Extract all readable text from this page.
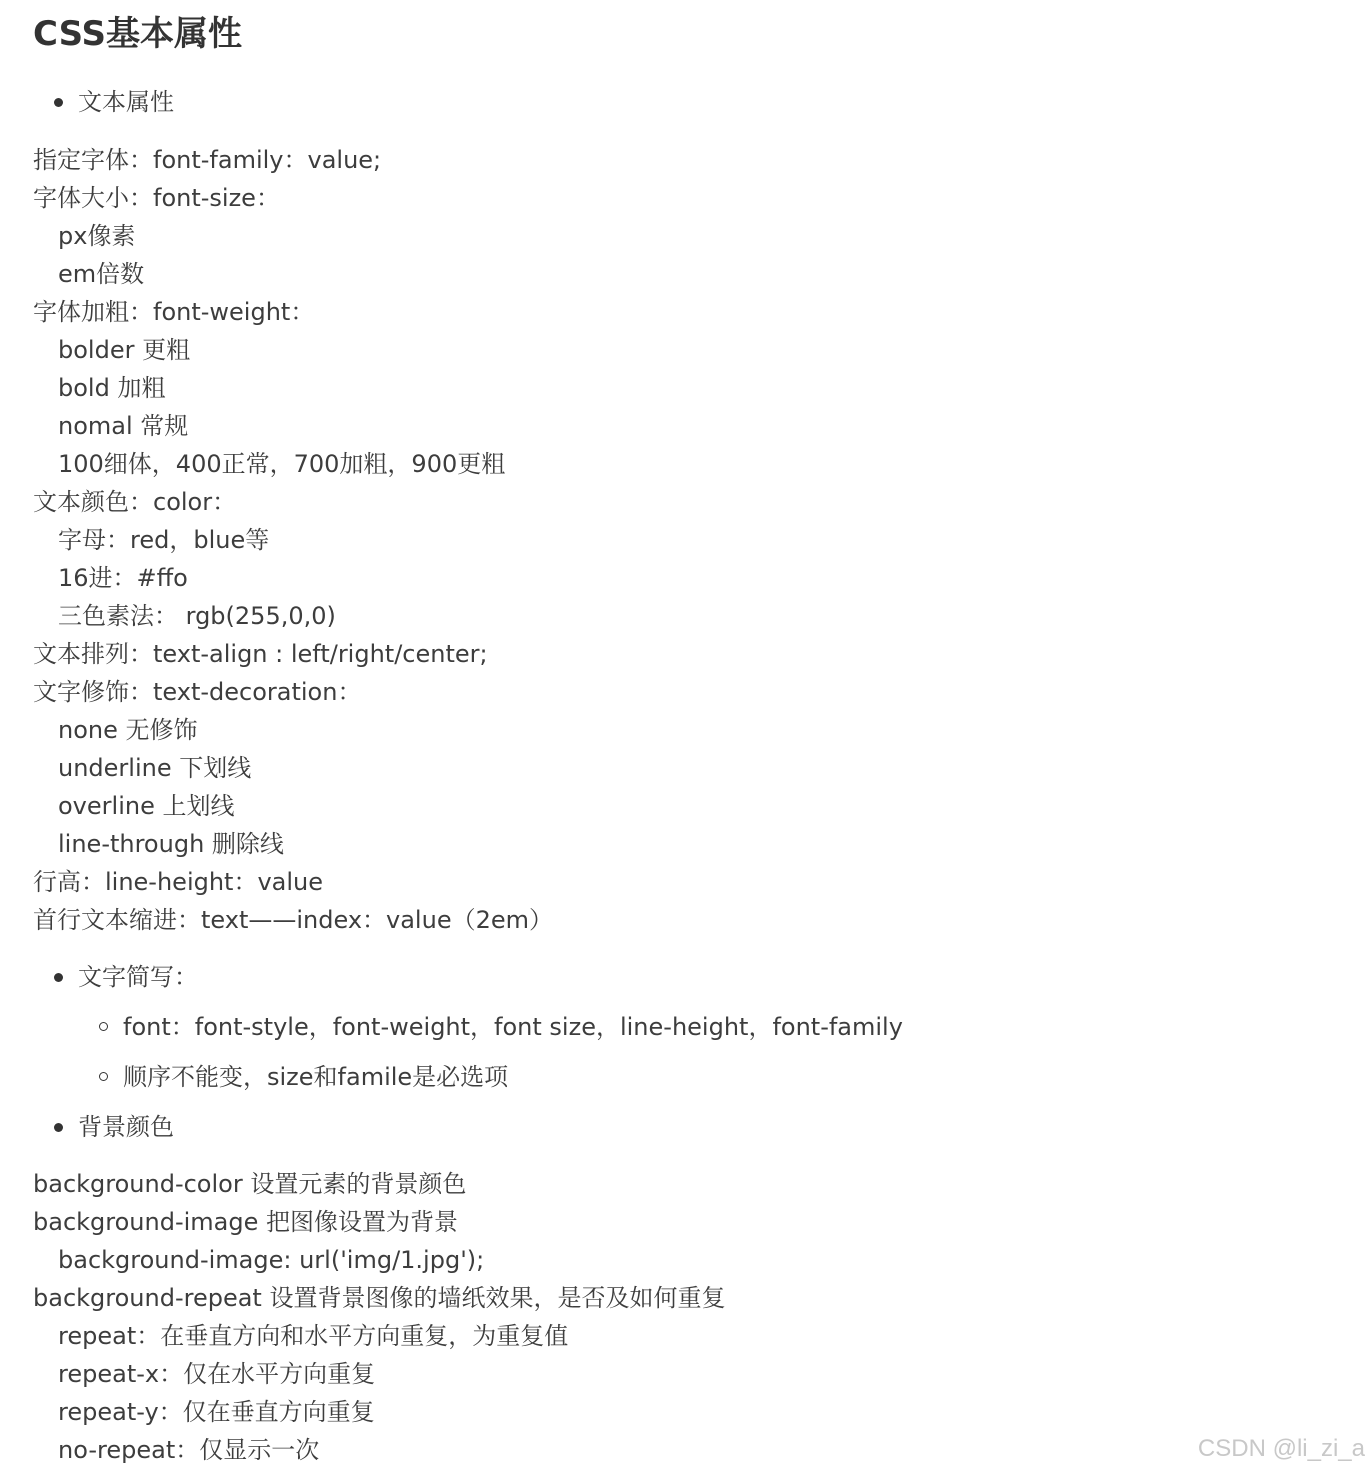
CSS基本属性
文本属性
指定字体：font-family：value;
字体大小：font-size：
px像素
em倍数
字体加粗：font-weight：
bolder 更粗
bold 加粗
nomal 常规
100细体，400正常，700加粗，900更粗
文本颜色：color：
字母：red，blue等
16进：#ffo
三色素法： rgb(255,0,0)
文本排列：text-align : left/right/center;
文字修饰：text-decoration：
none 无修饰
underline 下划线
overline 上划线
line-through 删除线
行高：line-height：value
首行文本缩进：text——index：value（2em）
文字简写：
font：font-style，font-weight，font size，line-height，font-family
顺序不能变，size和famile是必选项
背景颜色
background-color 设置元素的背景颜色
background-image 把图像设置为背景
background-image: url('img/1.jpg');
background-repeat 设置背景图像的墙纸效果，是否及如何重复
repeat：在垂直方向和水平方向重复，为重复值
repeat-x：仅在水平方向重复
repeat-y：仅在垂直方向重复
no-repeat：仅显示一次	CSDN @li_zi_a
